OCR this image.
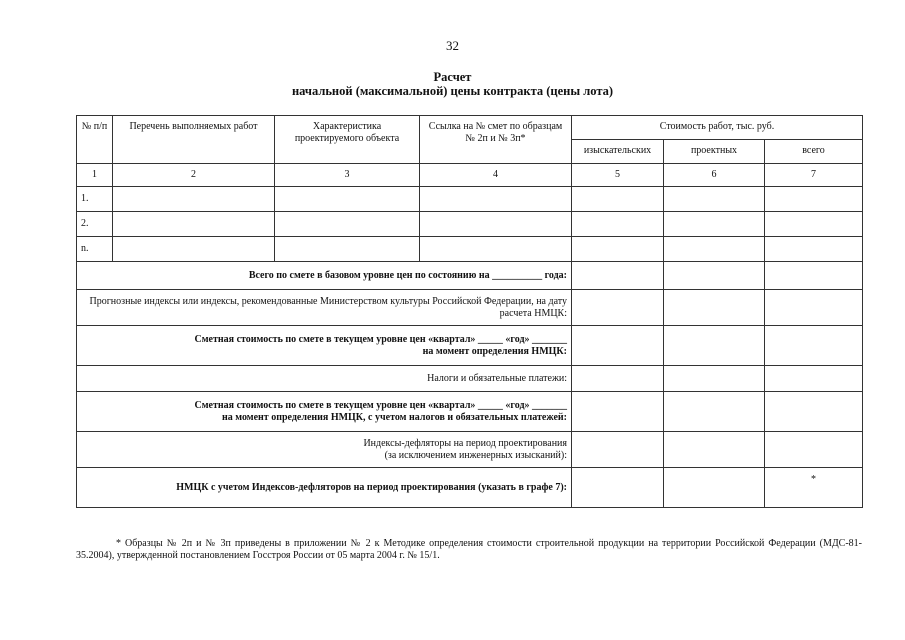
32
Расчет
начальной (максимальной) цены контракта (цены лота)
№ п/п	Перечень выполняемых работ	Характеристика проектируемого объекта	Ссылка на № смет по образцам № 2п и № 3п*	Стоимость работ, тыс. руб.		
				изыскательских	проектных	всего
1	2	3	4	5	6	7
1.						
2.						
n.						
Всего по смете в базовом уровне цен по состоянию на __________ года:						
Прогнозные индексы или индексы, рекомендованные Министерством культуры Российской Федерации, на дату расчета НМЦК:						

Сметная стоимость по смете в текущем уровне цен «квартал» _____ «год» _______
на момент определения НМЦК:						

Налоги и обязательные платежи:						

Сметная стоимость по смете в текущем уровне цен «квартал» _____ «год» _______
на момент определения НМЦК, с учетом налогов и обязательных платежей:						

Индексы-дефляторы на период проектирования
(за исключением инженерных изысканий):						

НМЦК с учетом Индексов-дефляторов на период проектирования (указать в графе 7):						*
* Образцы № 2п и № 3п приведены в приложении № 2 к Методике определения стоимости строительной продукции на территории Российской Федерации (МДС-81-35.2004), утвержденной постановлением Госстроя России от 05 марта 2004 г. № 15/1.
